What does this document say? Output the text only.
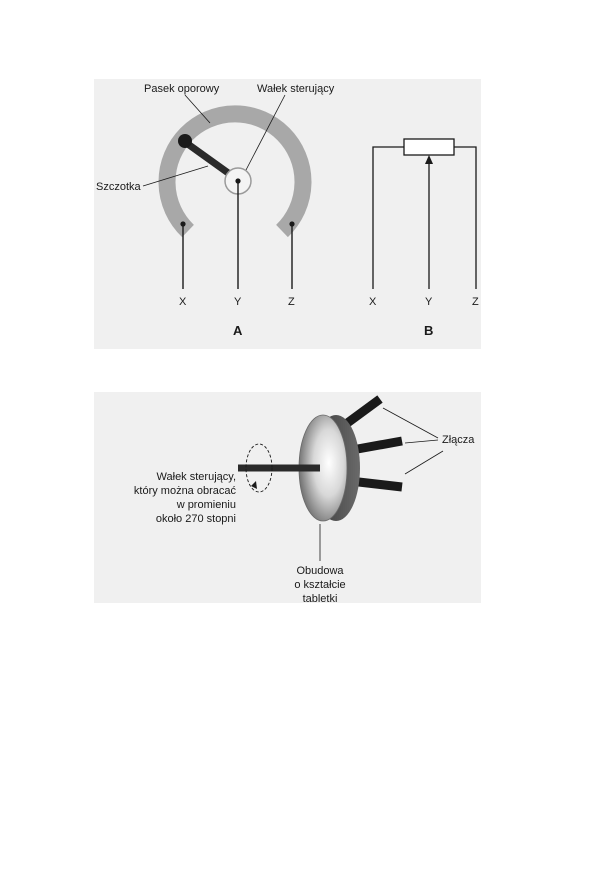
Pasek oporowy	Wałek sterujący
Szczotka
X	Y	Z
A
X	Y	Z
B
Złącza
Wałek sterujący,
który można obracać
w promieniu
około 270 stopni
Obudowa
o kształcie
tabletki
